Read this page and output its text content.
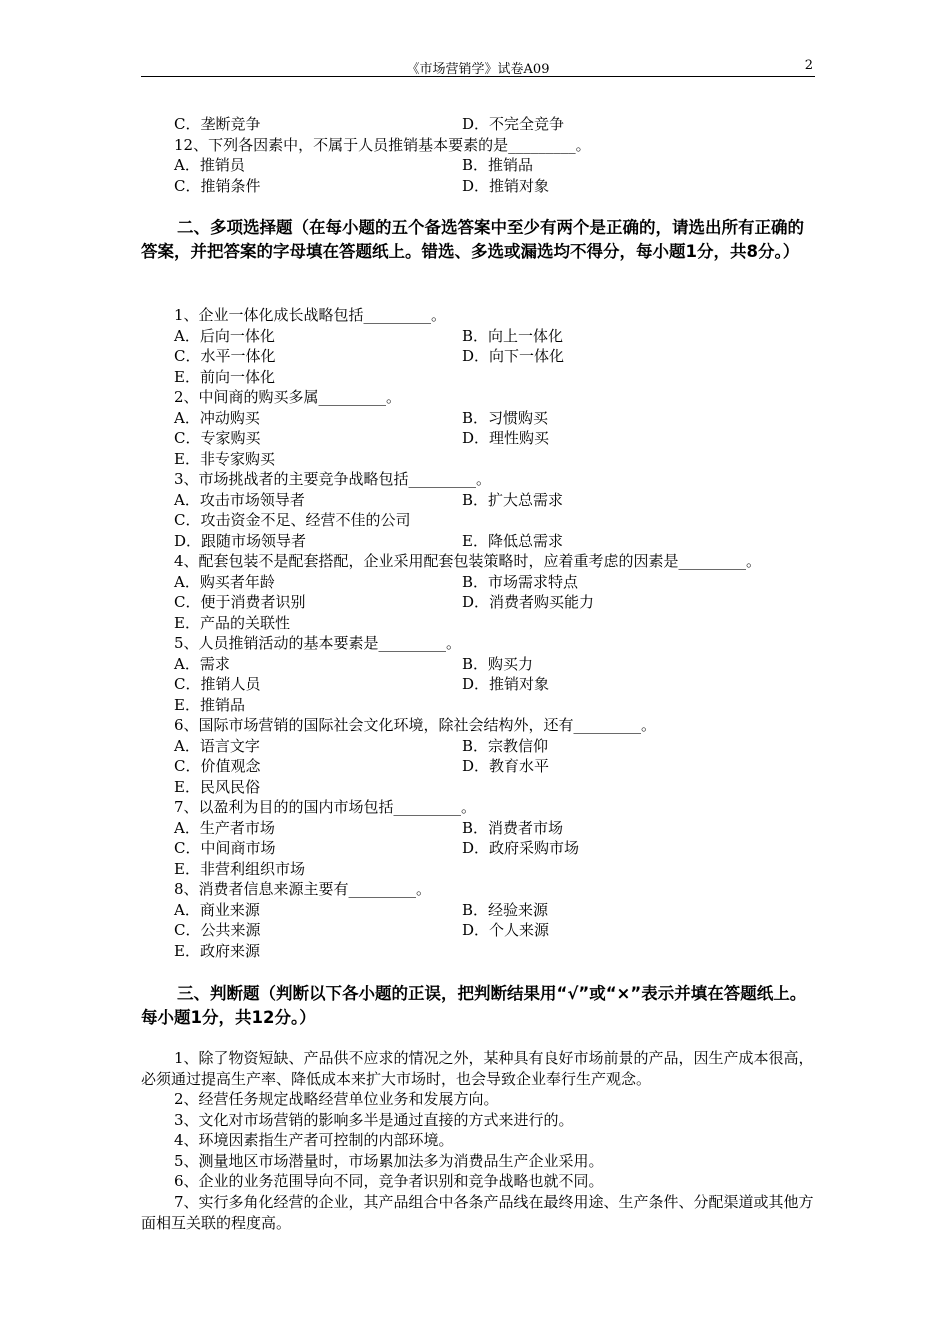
《市场营销学》试卷A09	2
C．垄断竞争	D．不完全竞争
12、下列各因素中，不属于人员推销基本要素的是_________。
A．推销员	B．推销品
C．推销条件	D．推销对象
二、多项选择题（在每小题的五个备选答案中至少有两个是正确的，请选出所有正确的答案，并把答案的字母填在答题纸上。错选、多选或漏选均不得分，每小题1分，共8分。）
1、企业一体化成长战略包括_________。
A．后向一体化	B．向上一体化
C．水平一体化	D．向下一体化
E．前向一体化
2、中间商的购买多属_________。
A．冲动购买	B．习惯购买
C．专家购买	D．理性购买
E．非专家购买
3、市场挑战者的主要竞争战略包括_________。
A．攻击市场领导者	B．扩大总需求
C．攻击资金不足、经营不佳的公司
D．跟随市场领导者	E．降低总需求
4、配套包装不是配套搭配，企业采用配套包装策略时，应着重考虑的因素是_________。
A．购买者年龄	B．市场需求特点
C．便于消费者识别	D．消费者购买能力
E．产品的关联性
5、人员推销活动的基本要素是_________。
A．需求	B．购买力
C．推销人员	D．推销对象
E．推销品
6、国际市场营销的国际社会文化环境，除社会结构外，还有_________。
A．语言文字	B．宗教信仰
C．价值观念	D．教育水平
E．民风民俗
7、以盈利为目的的国内市场包括_________。
A．生产者市场	B．消费者市场
C．中间商市场	D．政府采购市场
E．非营利组织市场
8、消费者信息来源主要有_________。
A．商业来源	B．经验来源
C．公共来源	D．个人来源
E．政府来源
三、判断题（判断以下各小题的正误，把判断结果用“√”或“×”表示并填在答题纸上。每小题1分，共12分。）
1、除了物资短缺、产品供不应求的情况之外，某种具有良好市场前景的产品，因生产成本很高，必须通过提高生产率、降低成本来扩大市场时，也会导致企业奉行生产观念。
2、经营任务规定战略经营单位业务和发展方向。
3、文化对市场营销的影响多半是通过直接的方式来进行的。
4、环境因素指生产者可控制的内部环境。
5、测量地区市场潜量时，市场累加法多为消费品生产企业采用。
6、企业的业务范围导向不同，竞争者识别和竞争战略也就不同。
7、实行多角化经营的企业，其产品组合中各条产品线在最终用途、生产条件、分配渠道或其他方面相互关联的程度高。
